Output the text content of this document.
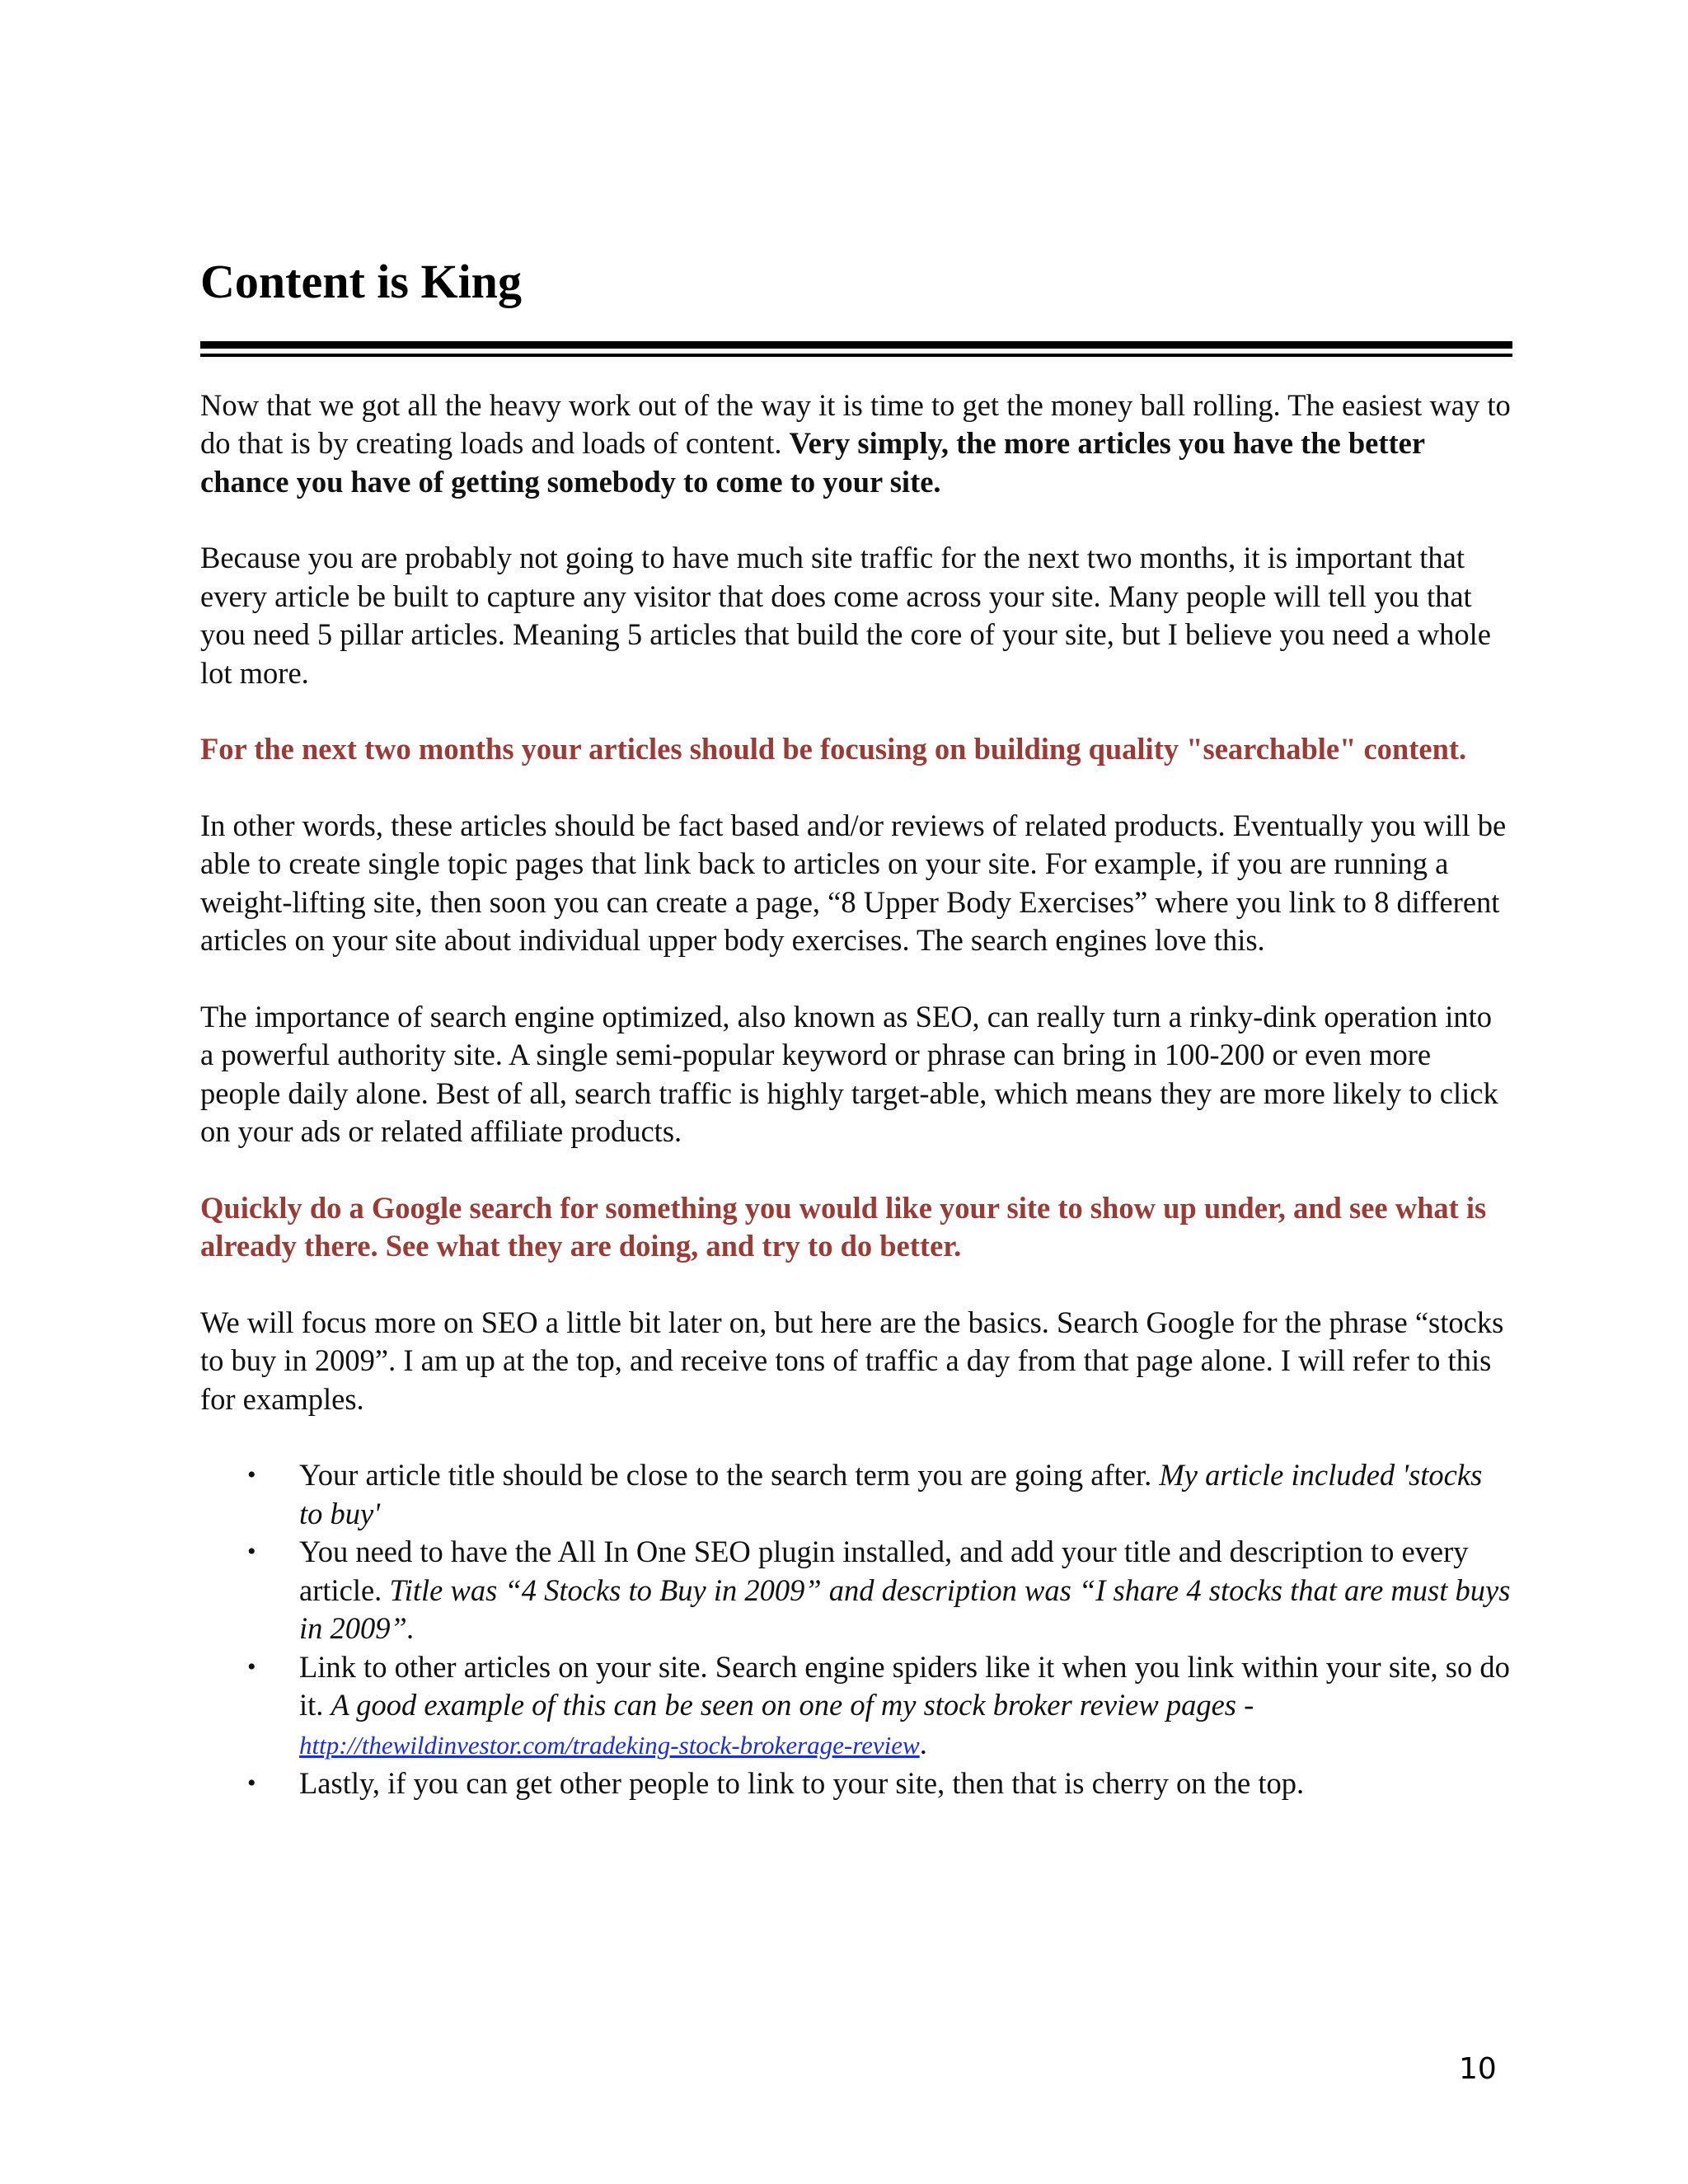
Content is King

Now that we got all the heavy work out of the way it is time to get the money ball rolling. The easiest way to do that is by creating loads and loads of content. Very simply, the more articles you have the better chance you have of getting somebody to come to your site.

Because you are probably not going to have much site traffic for the next two months, it is important that every article be built to capture any visitor that does come across your site. Many people will tell you that you need 5 pillar articles. Meaning 5 articles that build the core of your site, but I believe you need a whole lot more.

For the next two months your articles should be focusing on building quality "searchable" content.

In other words, these articles should be fact based and/or reviews of related products. Eventually you will be able to create single topic pages that link back to articles on your site. For example, if you are running a weight-lifting site, then soon you can create a page, “8 Upper Body Exercises” where you link to 8 different articles on your site about individual upper body exercises. The search engines love this.

The importance of search engine optimized, also known as SEO, can really turn a rinky-dink operation into a powerful authority site. A single semi-popular keyword or phrase can bring in 100-200 or even more people daily alone. Best of all, search traffic is highly target-able, which means they are more likely to click on your ads or related affiliate products.

Quickly do a Google search for something you would like your site to show up under, and see what is already there. See what they are doing, and try to do better.

We will focus more on SEO a little bit later on, but here are the basics. Search Google for the phrase “stocks to buy in 2009”. I am up at the top, and receive tons of traffic a day from that page alone. I will refer to this for examples.

• Your article title should be close to the search term you are going after. My article included 'stocks to buy'
• You need to have the All In One SEO plugin installed, and add your title and description to every article. Title was “4 Stocks to Buy in 2009” and description was “I share 4 stocks that are must buys in 2009”.
• Link to other articles on your site. Search engine spiders like it when you link within your site, so do it. A good example of this can be seen on one of my stock broker review pages - http://thewildinvestor.com/tradeking-stock-brokerage-review.
• Lastly, if you can get other people to link to your site, then that is cherry on the top.
10
